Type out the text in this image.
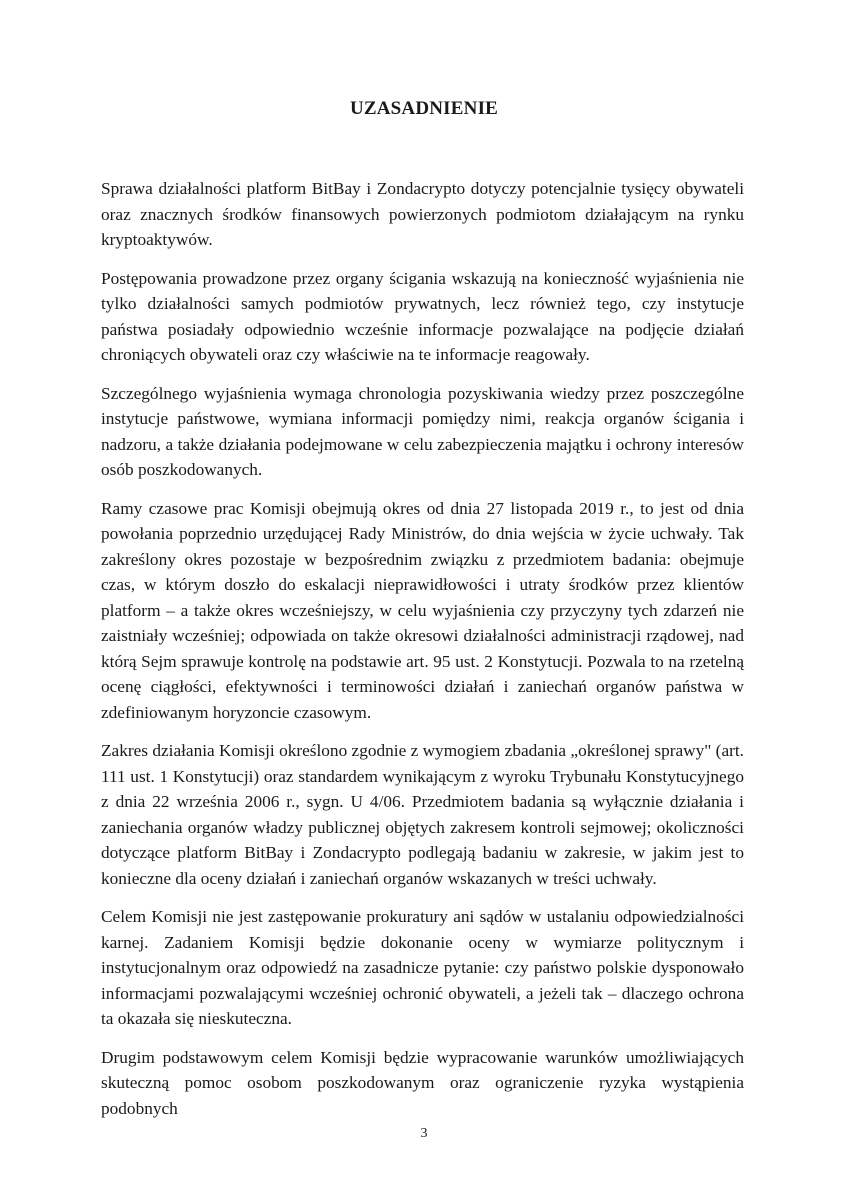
UZASADNIENIE

Sprawa działalności platform BitBay i Zondacrypto dotyczy potencjalnie tysięcy obywateli oraz znacznych środków finansowych powierzonych podmiotom działającym na rynku kryptoaktywów.

Postępowania prowadzone przez organy ścigania wskazują na konieczność wyjaśnienia nie tylko działalności samych podmiotów prywatnych, lecz również tego, czy instytucje państwa posiadały odpowiednio wcześnie informacje pozwalające na podjęcie działań chroniących obywateli oraz czy właściwie na te informacje reagowały.

Szczególnego wyjaśnienia wymaga chronologia pozyskiwania wiedzy przez poszczególne instytucje państwowe, wymiana informacji pomiędzy nimi, reakcja organów ścigania i nadzoru, a także działania podejmowane w celu zabezpieczenia majątku i ochrony interesów osób poszkodowanych.

Ramy czasowe prac Komisji obejmują okres od dnia 27 listopada 2019 r., to jest od dnia powołania poprzednio urzędującej Rady Ministrów, do dnia wejścia w życie uchwały. Tak zakreślony okres pozostaje w bezpośrednim związku z przedmiotem badania: obejmuje czas, w którym doszło do eskalacji nieprawidłowości i utraty środków przez klientów platform – a także okres wcześniejszy, w celu wyjaśnienia czy przyczyny tych zdarzeń nie zaistniały wcześniej; odpowiada on także okresowi działalności administracji rządowej, nad którą Sejm sprawuje kontrolę na podstawie art. 95 ust. 2 Konstytucji. Pozwala to na rzetelną ocenę ciągłości, efektywności i terminowości działań i zaniechań organów państwa w zdefiniowanym horyzoncie czasowym.

Zakres działania Komisji określono zgodnie z wymogiem zbadania „określonej sprawy" (art. 111 ust. 1 Konstytucji) oraz standardem wynikającym z wyroku Trybunału Konstytucyjnego z dnia 22 września 2006 r., sygn. U 4/06. Przedmiotem badania są wyłącznie działania i zaniechania organów władzy publicznej objętych zakresem kontroli sejmowej; okoliczności dotyczące platform BitBay i Zondacrypto podlegają badaniu w zakresie, w jakim jest to konieczne dla oceny działań i zaniechań organów wskazanych w treści uchwały.

Celem Komisji nie jest zastępowanie prokuratury ani sądów w ustalaniu odpowiedzialności karnej. Zadaniem Komisji będzie dokonanie oceny w wymiarze politycznym i instytucjonalnym oraz odpowiedź na zasadnicze pytanie: czy państwo polskie dysponowało informacjami pozwalającymi wcześniej ochronić obywateli, a jeżeli tak – dlaczego ochrona ta okazała się nieskuteczna.

Drugim podstawowym celem Komisji będzie wypracowanie warunków umożliwiających skuteczną pomoc osobom poszkodowanym oraz ograniczenie ryzyka wystąpienia podobnych

3
